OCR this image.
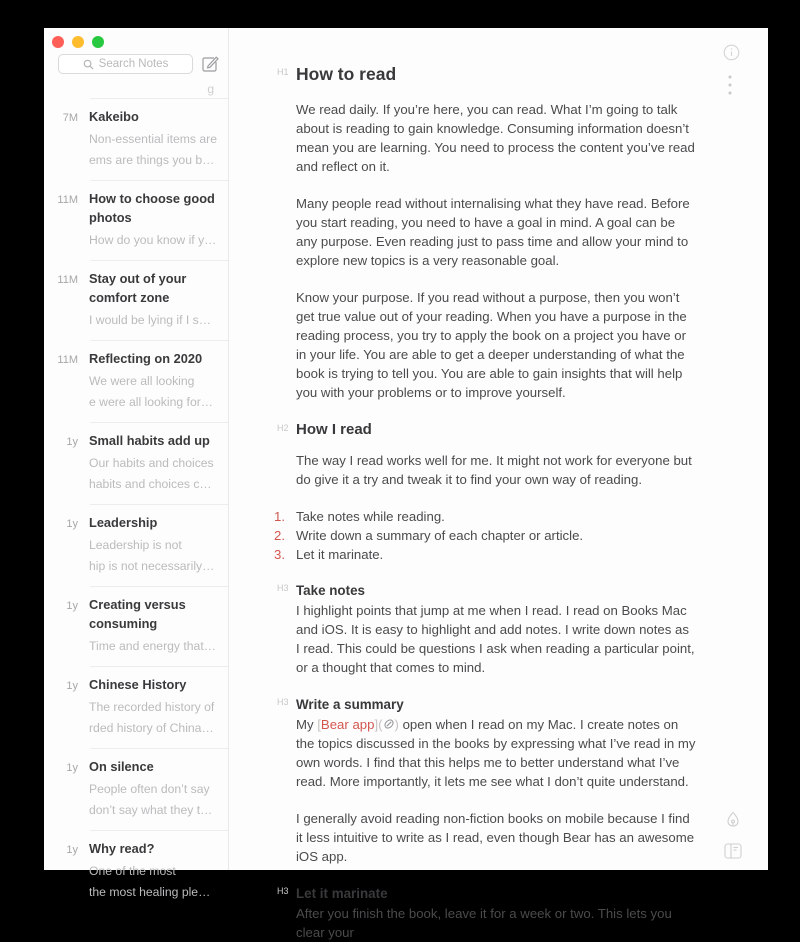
Search Notes
g
7M Kakeibo
Non-essential items are
ems are things you b…
11M How to choose good photos
How do you know if y…
11M Stay out of your comfort zone
I would be lying if I s…
11M Reflecting on 2020
We were all looking
e were all looking for…
1y Small habits add up
Our habits and choices
habits and choices c…
1y Leadership
Leadership is not
hip is not necessarily…
1y Creating versus consuming
Time and energy that…
1y Chinese History
The recorded history of
rded history of China…
1y On silence
People often don’t say
don’t say what they t…
1y Why read?
One of the most
the most healing ple…
H1 How to read

We read daily. If you’re here, you can read. What I’m going to talk about is reading to gain knowledge. Consuming information doesn’t mean you are learning. You need to process the content you’ve read and reflect on it.

Many people read without internalising what they have read. Before you start reading, you need to have a goal in mind. A goal can be any purpose. Even reading just to pass time and allow your mind to explore new topics is a very reasonable goal.

Know your purpose. If you read without a purpose, then you won’t get true value out of your reading. When you have a purpose in the reading process, you try to apply the book on a project you have or in your life. You are able to get a deeper understanding of what the book is trying to tell you. You are able to gain insights that will help you with your problems or to improve yourself.

H2 How I read

The way I read works well for me. It might not work for everyone but do give it a try and tweak it to find your own way of reading.

1. Take notes while reading.
2. Write down a summary of each chapter or article.
3. Let it marinate.
H3 Take notes

I highlight points that jump at me when I read. I read on Books Mac and iOS. It is easy to highlight and add notes. I write down notes as I read. This could be questions I ask when reading a particular point, or a thought that comes to mind.

H3 Write a summary

My [Bear app]( ) open when I read on my Mac. I create notes on the topics discussed in the books by expressing what I’ve read in my own words. I find that this helps me to better understand what I’ve read. More importantly, it lets me see what I don’t quite understand.

I generally avoid reading non-fiction books on mobile because I find it less intuitive to write as I read, even though Bear has an awesome iOS app.

H3 Let it marinate

After you finish the book, leave it for a week or two. This lets you clear your
